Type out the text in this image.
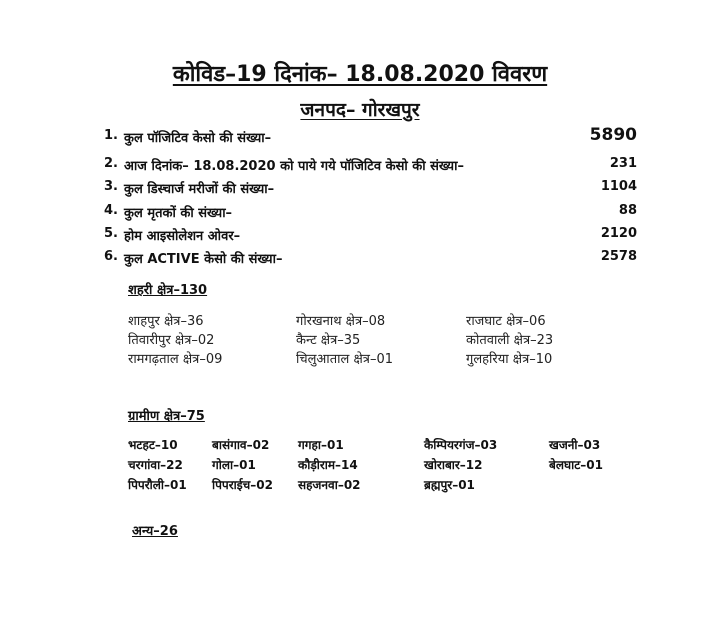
कोविड–19 दिनांक– 18.08.2020 विवरण
जनपद– गोरखपुर
1. कुल पॉजिटिव केसो की संख्या–	5890
2. आज दिनांक– 18.08.2020 को पाये गये पॉजिटिव केसो की संख्या–	231
3. कुल डिस्चार्ज मरीजों की संख्या–	1104
4. कुल मृतकों की संख्या–	88
5. होम आइसोलेशन ओवर–	2120
6. कुल ACTIVE केसो की संख्या–	2578
शहरी क्षेत्र–130
शाहपुर क्षेत्र–36	गोरखनाथ क्षेत्र–08	राजघाट क्षेत्र–06
तिवारीपुर क्षेत्र–02	कैन्ट क्षेत्र–35	कोतवाली क्षेत्र–23
रामगढ़ताल क्षेत्र–09	चिलुआताल क्षेत्र–01	गुलहरिया क्षेत्र–10
ग्रामीण क्षेत्र–75
भटहट–10	बासंगाव–02 गगहा–01	कैम्पियरगंज–03	खजनी–03
चरगांवा–22 गोला–01	कौड़ीराम–14	खोराबार–12	बेलघाट–01
पिपरौली–01 पिपराईच–02 सहजनवा–02	ब्रह्मपुर–01
अन्य–26
